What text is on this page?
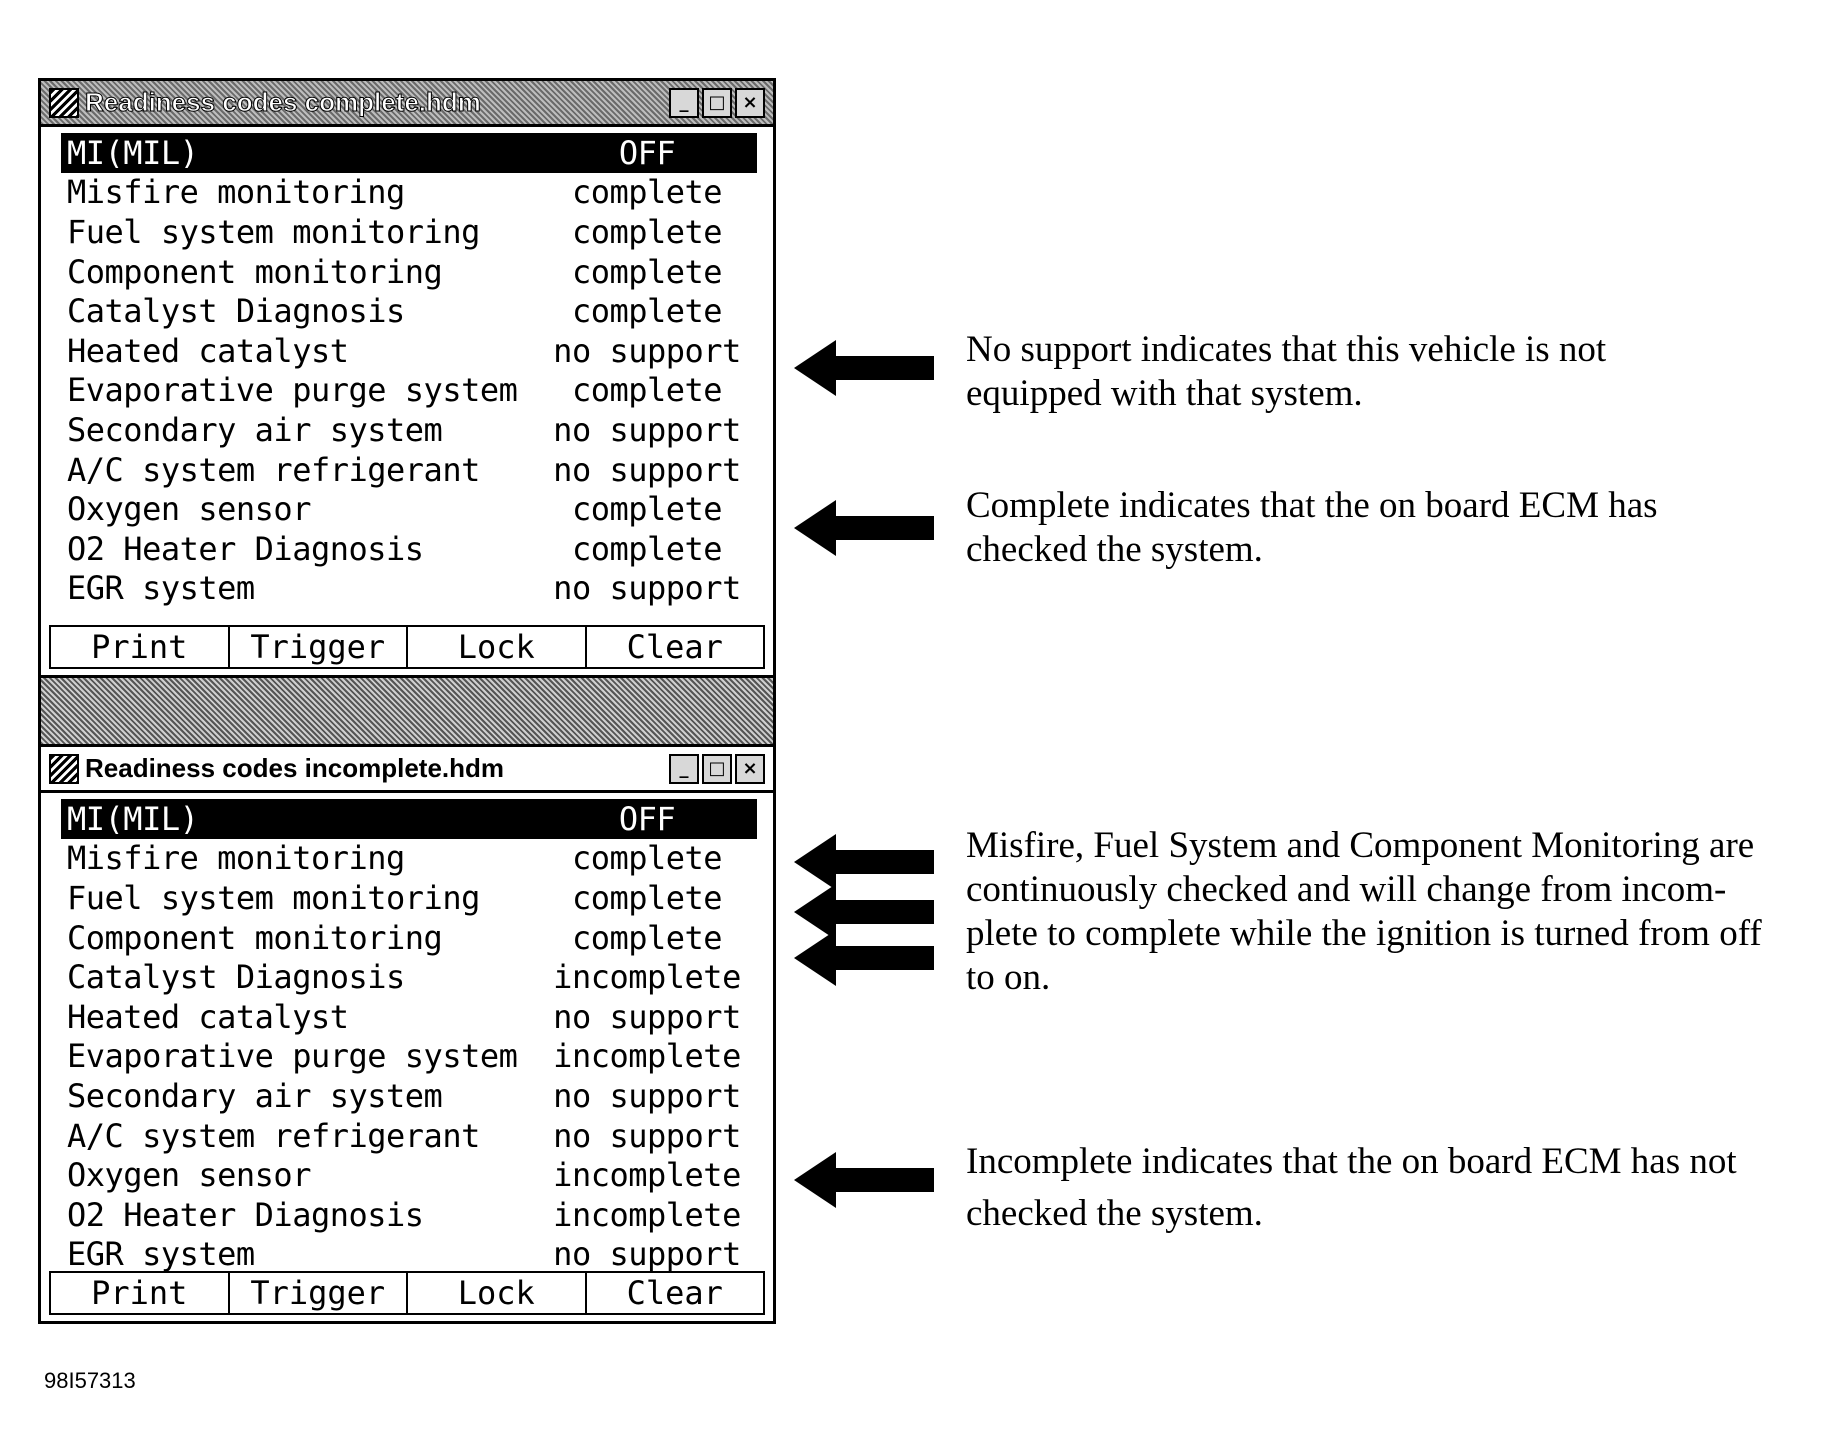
Readiness codes complete.hdm	_	□ ×
MI(MIL)	OFF
Misfire monitoring	complete
Fuel system monitoring	complete
Component monitoring	complete
Catalyst Diagnosis	complete
Heated catalyst	no support
Evaporative purge system	complete
Secondary air system	no support
A/C system refrigerant	no support
Oxygen sensor	complete
O2 Heater Diagnosis	complete
EGR system	no support
Print	Trigger	Lock	Clear
Readiness codes incomplete.hdm	_	□ ×
MI(MIL)	OFF
Misfire monitoring	complete
Fuel system monitoring	complete
Component monitoring	complete
Catalyst Diagnosis	incomplete
Heated catalyst	no support
Evaporative purge system	incomplete
Secondary air system	no support
A/C system refrigerant	no support
Oxygen sensor	incomplete
O2 Heater Diagnosis	incomplete
EGR system	no support
Print	Trigger	Lock	Clear
No support indicates that this vehicle is not
equipped with that system.
Complete indicates that the on board ECM has
checked the system.
Misfire, Fuel System and Component Monitoring are
continuously checked and will change from incom-
plete to complete while the ignition is turned from off
to on.
Incomplete indicates that the on board ECM has not
checked the system.
98I57313
